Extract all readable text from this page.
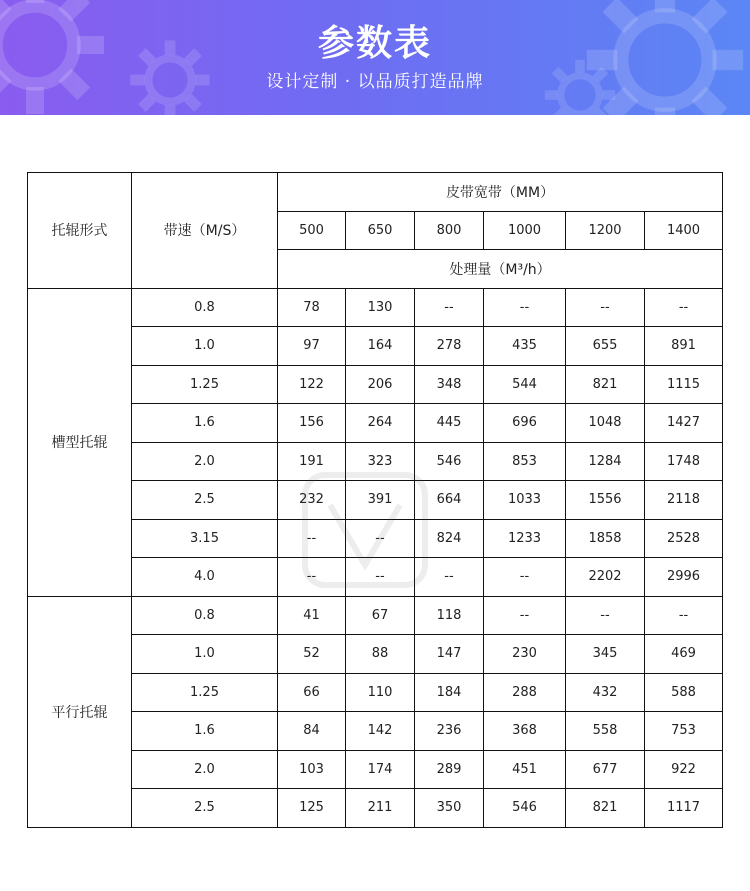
参数表
设计定制 · 以品质打造品牌
托辊形式	带速（M/S）	皮带宽带（MM）					
		500	650	800	1000	1200	1400
		处理量（M³/h）					
槽型托辊	0.8	78	130	--	--	--	--
	1.0	97	164	278	435	655	891
	1.25	122	206	348	544	821	1115
	1.6	156	264	445	696	1048	1427
	2.0	191	323	546	853	1284	1748
	2.5	232	391	664	1033	1556	2118
	3.15	--	--	824	1233	1858	2528
	4.0	--	--	--	--	2202	2996
平行托辊	0.8	41	67	118	--	--	--
	1.0	52	88	147	230	345	469
	1.25	66	110	184	288	432	588
	1.6	84	142	236	368	558	753
	2.0	103	174	289	451	677	922
	2.5	125	211	350	546	821	1117
